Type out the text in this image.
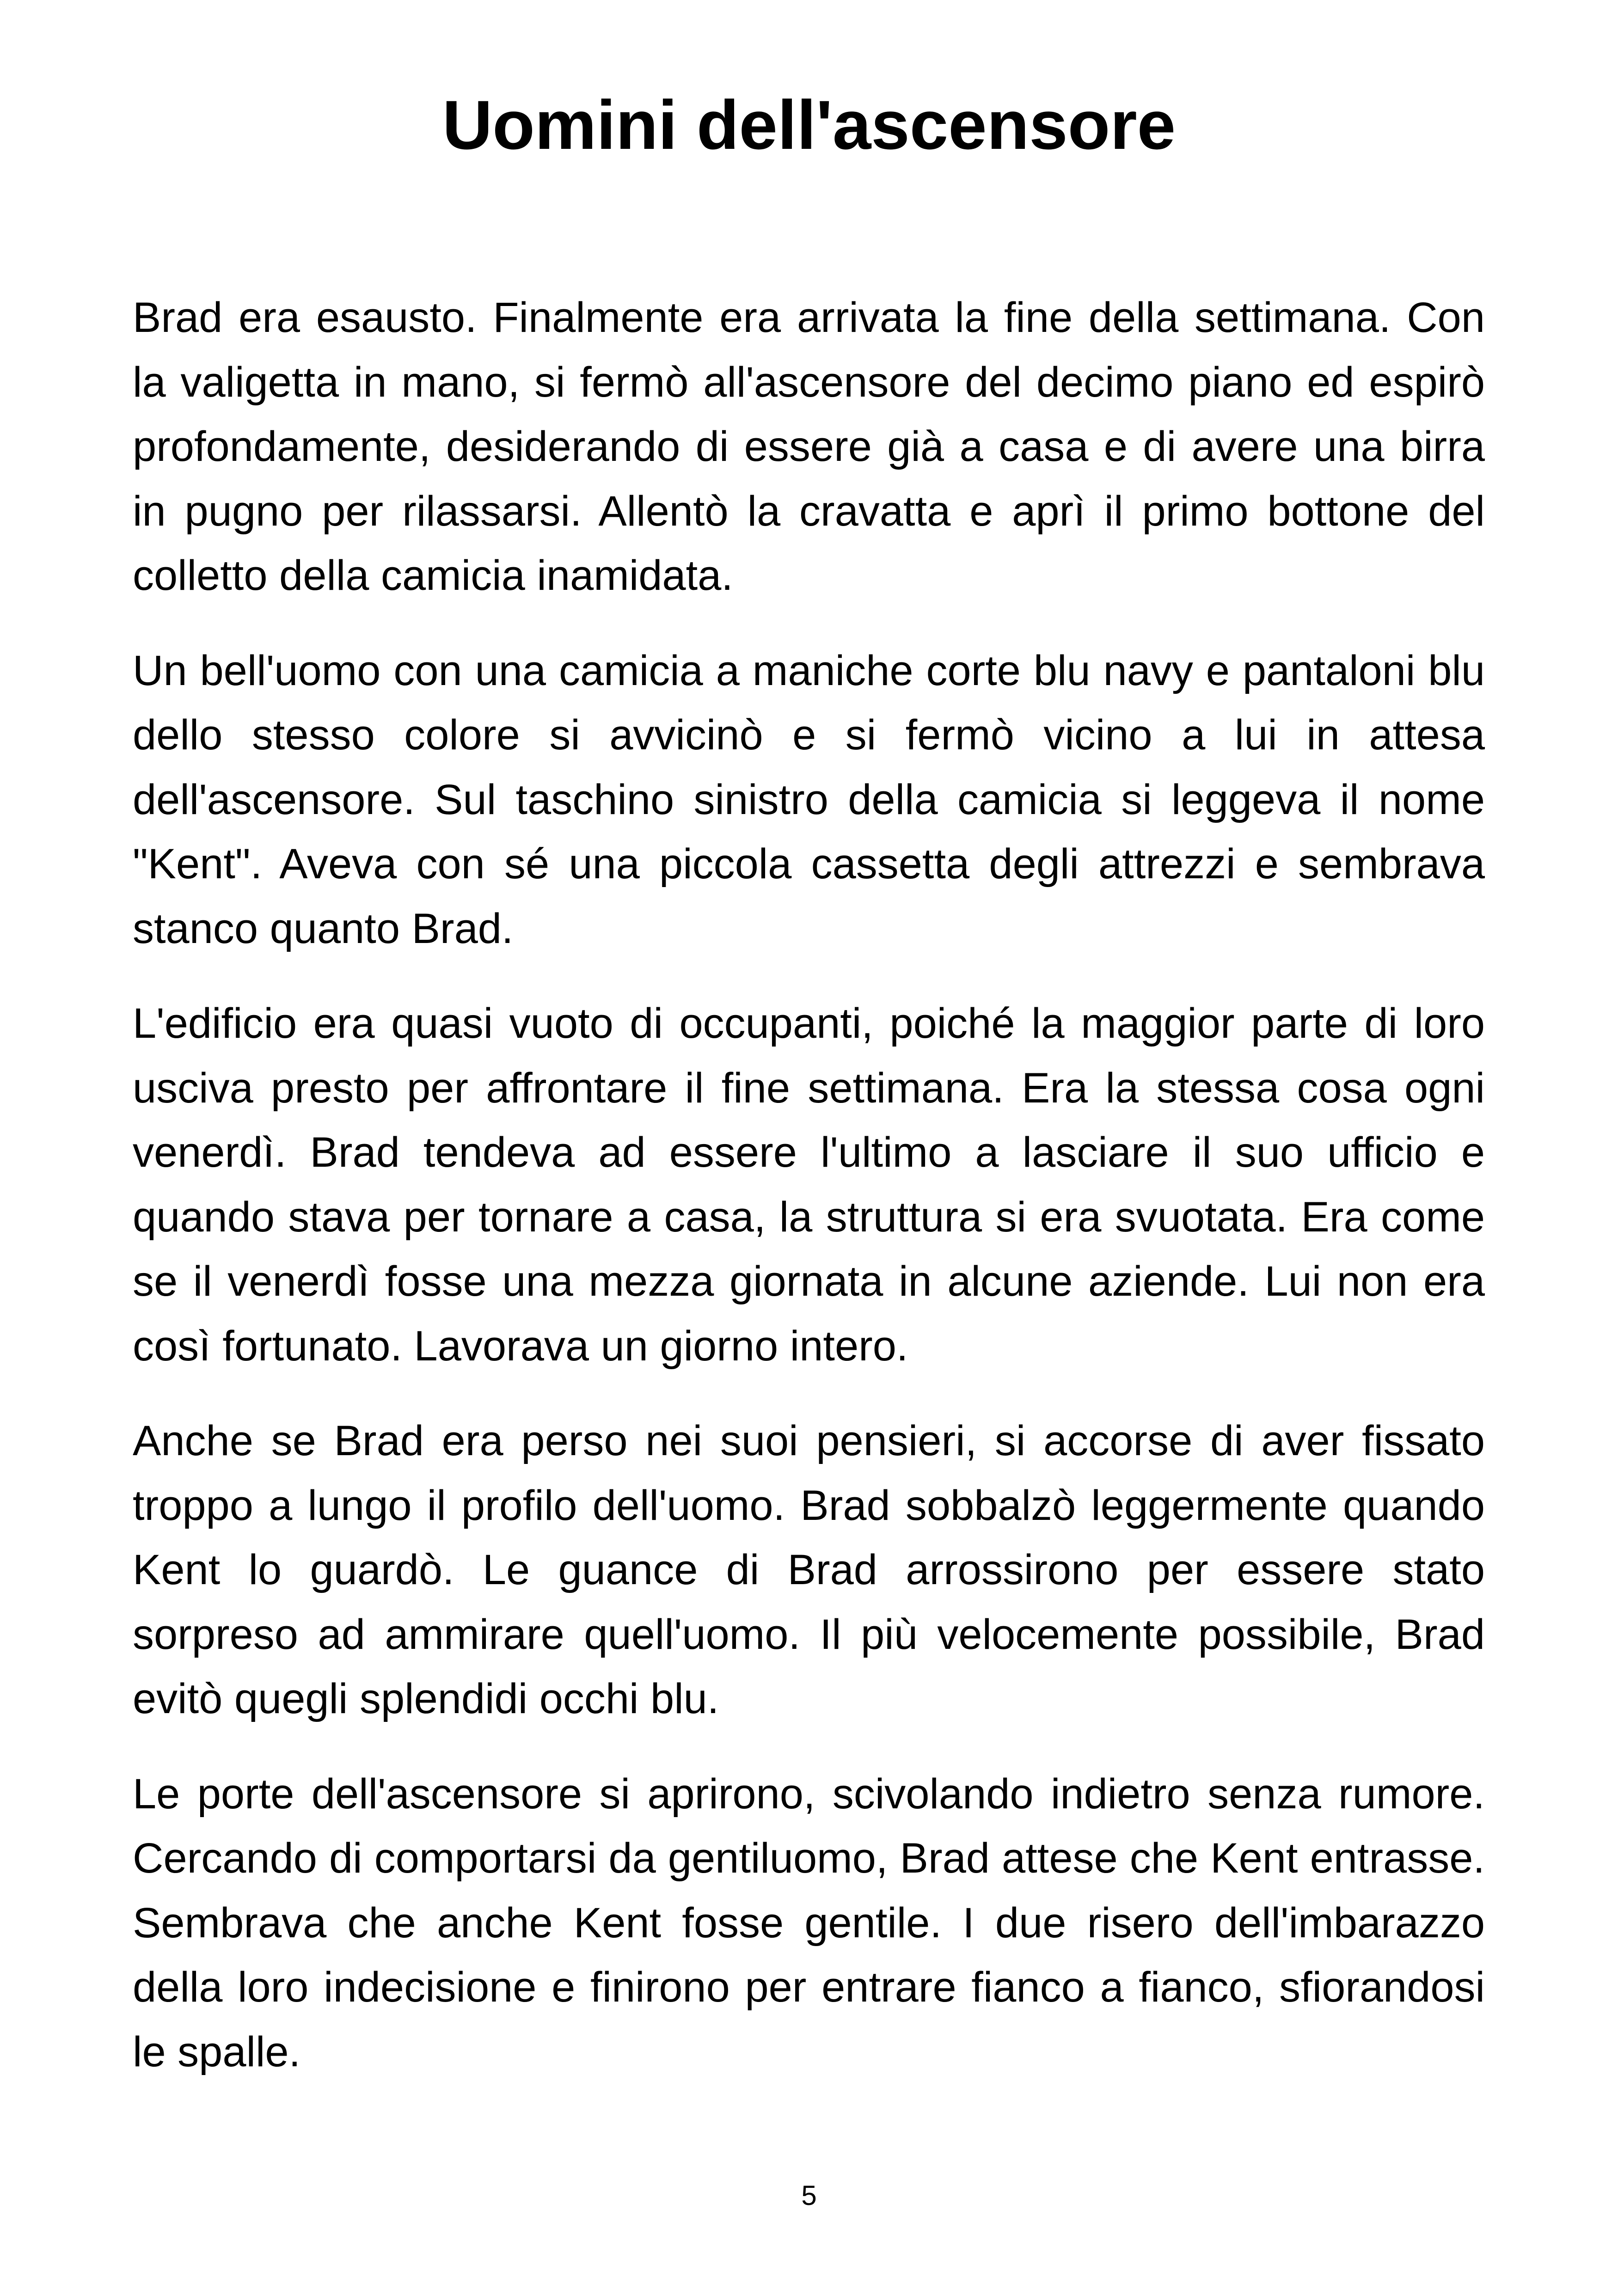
Uomini dell'ascensore

Brad era esausto. Finalmente era arrivata la fine della settimana. Con la valigetta in mano, si fermò all'ascensore del decimo piano ed espirò profondamente, desiderando di essere già a casa e di avere una birra in pugno per rilassarsi. Allentò la cravatta e aprì il primo bottone del colletto della camicia inamidata.

Un bell'uomo con una camicia a maniche corte blu navy e pantaloni blu dello stesso colore si avvicinò e si fermò vicino a lui in attesa dell'ascensore. Sul taschino sinistro della camicia si leggeva il nome "Kent". Aveva con sé una piccola cassetta degli attrezzi e sembrava stanco quanto Brad.

L'edificio era quasi vuoto di occupanti, poiché la maggior parte di loro usciva presto per affrontare il fine settimana. Era la stessa cosa ogni venerdì. Brad tendeva ad essere l'ultimo a lasciare il suo ufficio e quando stava per tornare a casa, la struttura si era svuotata. Era come se il venerdì fosse una mezza giornata in alcune aziende. Lui non era così fortunato. Lavorava un giorno intero.

Anche se Brad era perso nei suoi pensieri, si accorse di aver fissato troppo a lungo il profilo dell'uomo. Brad sobbalzò leggermente quando Kent lo guardò. Le guance di Brad arrossirono per essere stato sorpreso ad ammirare quell'uomo. Il più velocemente possibile, Brad evitò quegli splendidi occhi blu.

Le porte dell'ascensore si aprirono, scivolando indietro senza rumore. Cercando di comportarsi da gentiluomo, Brad attese che Kent entrasse. Sembrava che anche Kent fosse gentile. I due risero dell'imbarazzo della loro indecisione e finirono per entrare fianco a fianco, sfiorandosi le spalle.

5
